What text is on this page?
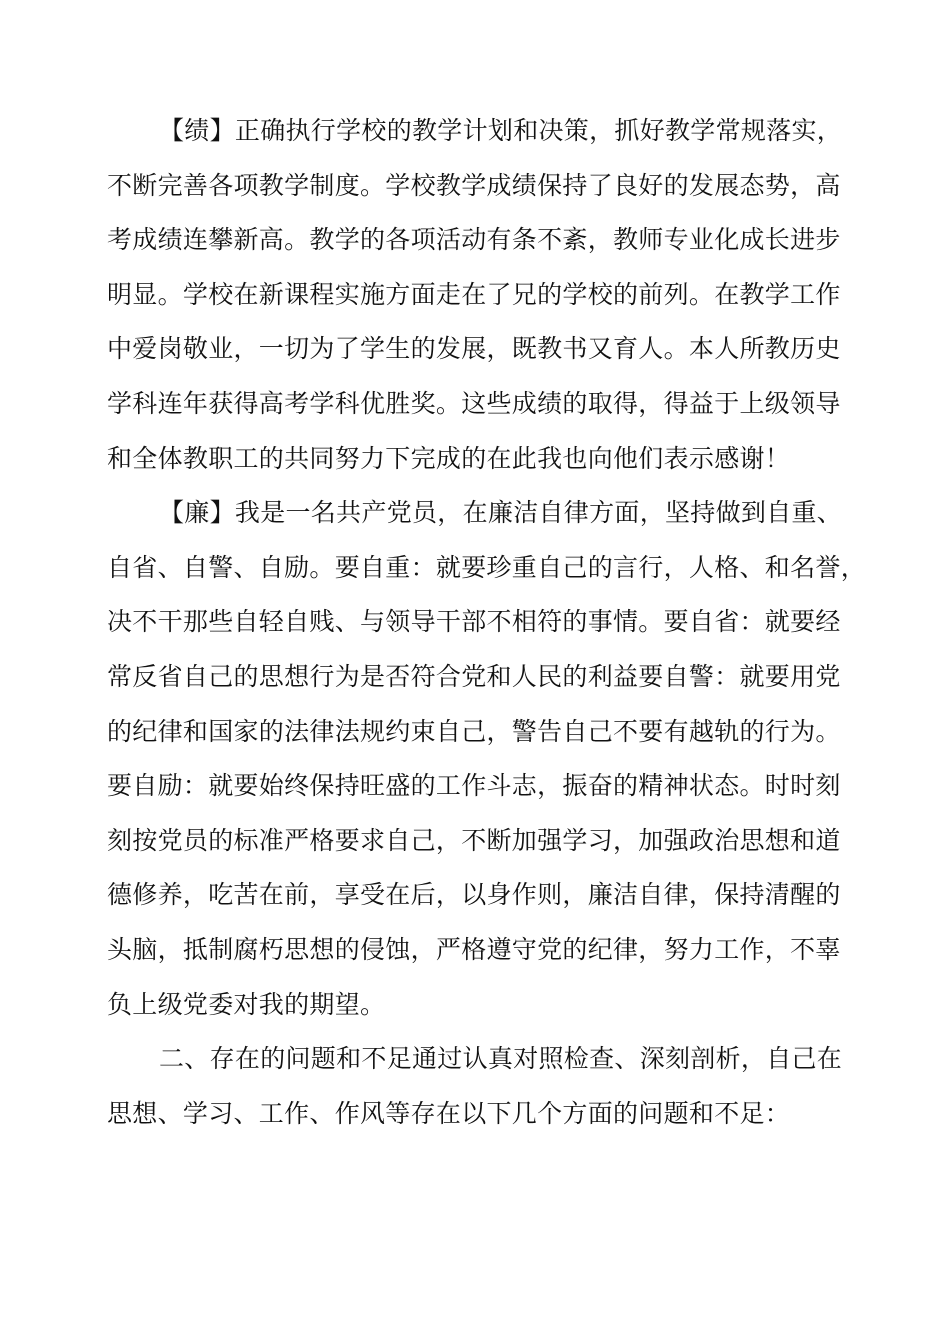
【绩】正确执行学校的教学计划和决策，抓好教学常规落实，
不断完善各项教学制度。学校教学成绩保持了良好的发展态势，高
考成绩连攀新高。教学的各项活动有条不紊，教师专业化成长进步
明显。学校在新课程实施方面走在了兄的学校的前列。在教学工作
中爱岗敬业，一切为了学生的发展，既教书又育人。本人所教历史
学科连年获得高考学科优胜奖。这些成绩的取得，得益于上级领导
和全体教职工的共同努力下完成的在此我也向他们表示感谢！
【廉】我是一名共产党员，在廉洁自律方面，坚持做到自重、
自省、自警、自励。要自重：就要珍重自己的言行，人格、和名誉，
决不干那些自轻自贱、与领导干部不相符的事情。要自省：就要经
常反省自己的思想行为是否符合党和人民的利益要自警：就要用党
的纪律和国家的法律法规约束自己，警告自己不要有越轨的行为。
要自励：就要始终保持旺盛的工作斗志，振奋的精神状态。时时刻
刻按党员的标准严格要求自己，不断加强学习，加强政治思想和道
德修养，吃苦在前，享受在后，以身作则，廉洁自律，保持清醒的
头脑，抵制腐朽思想的侵蚀，严格遵守党的纪律，努力工作，不辜
负上级党委对我的期望。
二、存在的问题和不足通过认真对照检查、深刻剖析，自己在
思想、学习、工作、作风等存在以下几个方面的问题和不足：
